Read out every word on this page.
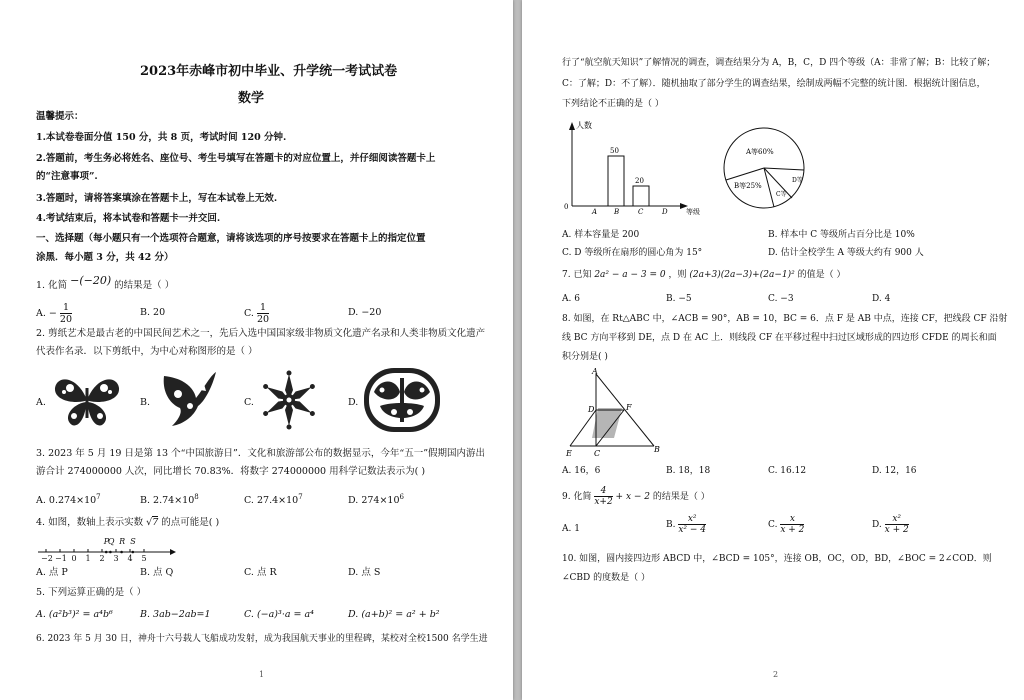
2023年赤峰市初中毕业、升学统一考试试卷
数学
温馨提示：
1.本试卷卷面分值 150 分，共 8 页，考试时间 120 分钟.
2.答题前，考生务必将姓名、座位号、考生号填写在答题卡的对应位置上，并仔细阅读答题卡上
的“注意事项”.
3.答题时，请将答案填涂在答题卡上，写在本试卷上无效.
4.考试结束后，将本试卷和答题卡一并交回.
一、选择题（每小题只有一个选项符合题意，请将该选项的序号按要求在答题卡上的指定位置
涂黑．每小题 3 分，共 42 分）
1. 化简 −(−20) 的结果是（ ）
A. − $\frac{1}{20}$	B. 20	C. $\frac{1}{20}$	D. −20
2. 剪纸艺术是最古老的中国民间艺术之一，先后入选中国国家级非物质文化遗产名录和人类非物质文化遗产
代表作名录．以下剪纸中，为中心对称图形的是（ ）
A.	B.	C.	D.
3. 2023 年 5 月 19 日是第 13 个“中国旅游日”．文化和旅游部公布的数据显示，今年“五一”假期国内游出
游合计 274000000 人次，同比增长 70.83%．将数字 274000000 用科学记数法表示为( )
A. $0.274\times 10^7$	B. $2.74\times 10^8$	C. $27.4\times 10^7$	D. $274\times 10^6$
4. 如图，数轴上表示实数 √7 的点可能是( )
−2 −1 0 1 2 3 4 5
P
Q R S
A. 点 P	B. 点 Q	C. 点 R	D. 点 S
5. 下列运算正确的是（ ）
A. (a²b³)² = a⁴b⁶	B. 3ab−2ab=1	C. (−a)³·a = a⁴	D. (a+b)² = a² + b²
6. 2023 年 5 月 30 日，神舟十六号载人飞船成功发射，成为我国航天事业的里程碑，某校对全校1500 名学生进
1
行了“航空航天知识”了解情况的调查，调查结果分为 A，B，C，D 四个等级（A：非常了解；B：比较了解；
C：了解；D：不了解）．随机抽取了部分学生的调查结果，绘制成两幅不完整的统计图．根据统计图信息，
下列结论不正确的是（ ）
人数
0
等级
A B	C	D
50
20
A等60%
B等25%
C等
D等
A. 样本容量是 200	B. 样本中 C 等级所占百分比是 10%
C. D 等级所在扇形的圆心角为 15°	D. 估计全校学生 A 等级大约有 900 人
7. 已知 2a² − a − 3 = 0 ，则 (2a+3)(2a−3)+(2a−1)² 的值是（ ）
A. 6	B. −5	C. −3	D. 4
8. 如图，在 Rt△ABC 中，∠ACB = 90°，AB = 10，BC = 6．点 F 是 AB 中点，连接 CF，把线段 CF 沿射
线 BC 方向平移到 DE，点 D 在 AC 上．则线段 CF 在平移过程中扫过区域形成的四边形 CFDE 的周长和面
积分别是( )
A
D	F
E	C	B
A. 16，6	B. 18，18	C. 16.12	D. 12，16
9. 化简 $\frac{4}{x+2} + x - 2$ 的结果是（ ）
A. 1	B. $\frac{\text{x²}}{\text{x² − 4}}$	C. $\frac{x}{x + 2}$	D. $\frac{\text{x²}}{x + 2}$
10. 如图，圆内接四边形 ABCD 中，∠BCD = 105°，连接 OB，OC，OD，BD，∠BOC = 2∠COD．则
∠CBD 的度数是（ ）
2
